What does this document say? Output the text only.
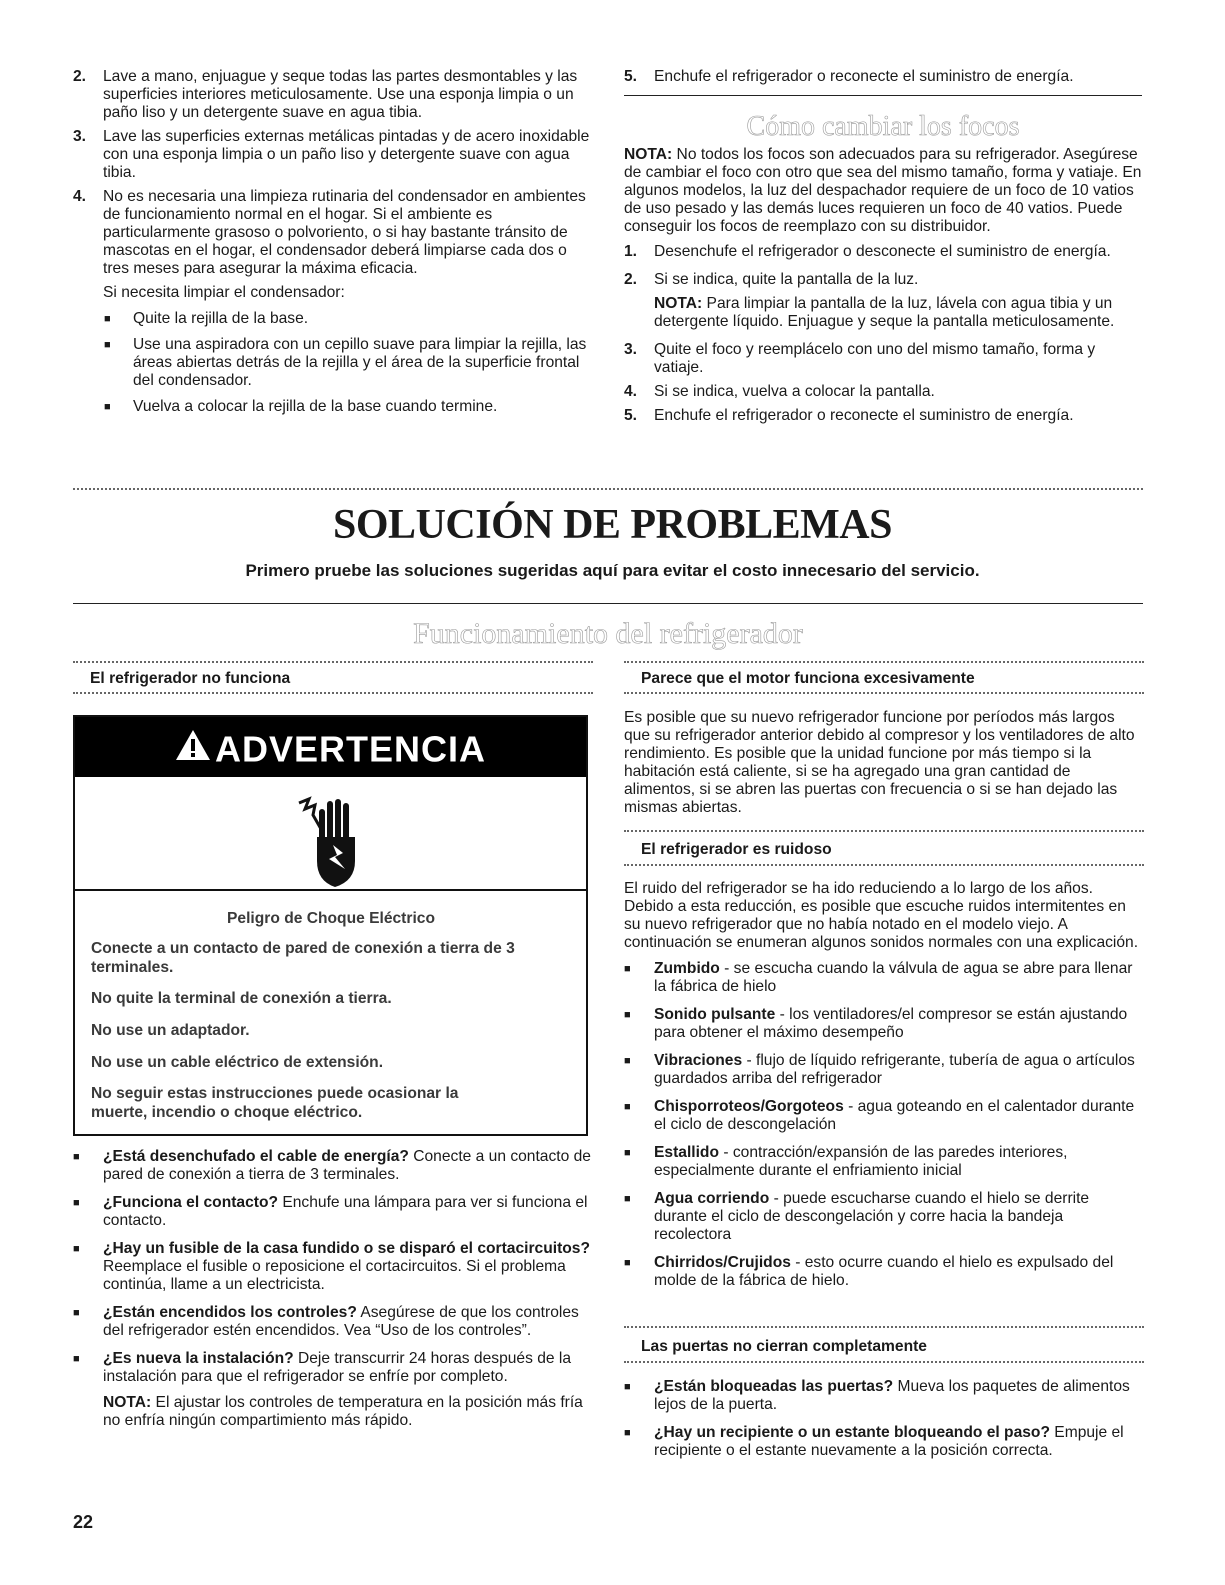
2. Lave a mano, enjuague y seque todas las partes desmontables y las superficies interiores meticulosamente. Use una esponja limpia o un paño liso y un detergente suave en agua tibia.

3. Lave las superficies externas metálicas pintadas y de acero inoxidable con una esponja limpia o un paño liso y detergente suave con agua tibia.

4. No es necesaria una limpieza rutinaria del condensador en ambientes de funcionamiento normal en el hogar. Si el ambiente es particularmente grasoso o polvoriento, o si hay bastante tránsito de mascotas en el hogar, el condensador deberá limpiarse cada dos o tres meses para asegurar la máxima eficacia.

Si necesita limpiar el condensador:

■ Quite la rejilla de la base.

■ Use una aspiradora con un cepillo suave para limpiar la rejilla, las áreas abiertas detrás de la rejilla y el área de la superficie frontal del condensador.

■ Vuelva a colocar la rejilla de la base cuando termine.

5. Enchufe el refrigerador o reconecte el suministro de energía.

Cómo cambiar los focos

NOTA: No todos los focos son adecuados para su refrigerador. Asegúrese de cambiar el foco con otro que sea del mismo tamaño, forma y vatiaje. En algunos modelos, la luz del despachador requiere de un foco de 10 vatios de uso pesado y las demás luces requieren un foco de 40 vatios. Puede conseguir los focos de reemplazo con su distribuidor.

1. Desenchufe el refrigerador o desconecte el suministro de energía.

2. Si se indica, quite la pantalla de la luz.

NOTA: Para limpiar la pantalla de la luz, lávela con agua tibia y un detergente líquido. Enjuague y seque la pantalla meticulosamente.

3. Quite el foco y reemplácelo con uno del mismo tamaño, forma y vatiaje.

4. Si se indica, vuelva a colocar la pantalla.

5. Enchufe el refrigerador o reconecte el suministro de energía.

SOLUCIÓN DE PROBLEMAS
Primero pruebe las soluciones sugeridas aquí para evitar el costo innecesario del servicio.
Funcionamiento del refrigerador
El refrigerador no funciona
ADVERTENCIA
Peligro de Choque Eléctrico
Conecte a un contacto de pared de conexión a tierra de 3 terminales.
No quite la terminal de conexión a tierra.
No use un adaptador.
No use un cable eléctrico de extensión.
No seguir estas instrucciones puede ocasionar la muerte, incendio o choque eléctrico.
■ ¿Está desenchufado el cable de energía? Conecte a un contacto de pared de conexión a tierra de 3 terminales.

■ ¿Funciona el contacto? Enchufe una lámpara para ver si funciona el contacto.

■ ¿Hay un fusible de la casa fundido o se disparó el cortacircuitos? Reemplace el fusible o reposicione el cortacircuitos. Si el problema continúa, llame a un electricista.

■ ¿Están encendidos los controles? Asegúrese de que los controles del refrigerador estén encendidos. Vea “Uso de los controles”.

■ ¿Es nueva la instalación? Deje transcurrir 24 horas después de la instalación para que el refrigerador se enfríe por completo.

NOTA: El ajustar los controles de temperatura en la posición más fría no enfría ningún compartimiento más rápido.

Parece que el motor funciona excesivamente

Es posible que su nuevo refrigerador funcione por períodos más largos que su refrigerador anterior debido al compresor y los ventiladores de alto rendimiento. Es posible que la unidad funcione por más tiempo si la habitación está caliente, si se ha agregado una gran cantidad de alimentos, si se abren las puertas con frecuencia o si se han dejado las mismas abiertas.

El refrigerador es ruidoso

El ruido del refrigerador se ha ido reduciendo a lo largo de los años. Debido a esta reducción, es posible que escuche ruidos intermitentes en su nuevo refrigerador que no había notado en el modelo viejo. A continuación se enumeran algunos sonidos normales con una explicación.

■ Zumbido - se escucha cuando la válvula de agua se abre para llenar la fábrica de hielo

■ Sonido pulsante - los ventiladores/el compresor se están ajustando para obtener el máximo desempeño

■ Vibraciones - flujo de líquido refrigerante, tubería de agua o artículos guardados arriba del refrigerador

■ Chisporroteos/Gorgoteos - agua goteando en el calentador durante el ciclo de descongelación

■ Estallido - contracción/expansión de las paredes interiores, especialmente durante el enfriamiento inicial

■ Agua corriendo - puede escucharse cuando el hielo se derrite durante el ciclo de descongelación y corre hacia la bandeja recolectora

■ Chirridos/Crujidos - esto ocurre cuando el hielo es expulsado del molde de la fábrica de hielo.

Las puertas no cierran completamente
■ ¿Están bloqueadas las puertas? Mueva los paquetes de alimentos lejos de la puerta.

■ ¿Hay un recipiente o un estante bloqueando el paso? Empuje el recipiente o el estante nuevamente a la posición correcta.

22
